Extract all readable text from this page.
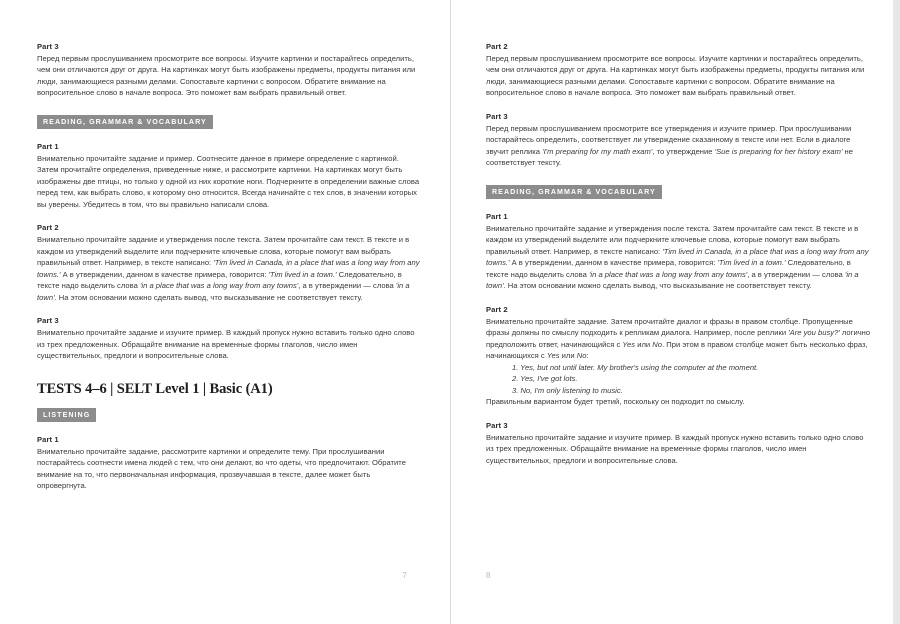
Part 3

Перед первым прослушиванием просмотрите все вопросы. Изучите картинки и постарайтесь определить, чем они отличаются друг от друга. На картинках могут быть изображены предметы, продукты питания или люди, занимающиеся разными делами. Сопоставьте картинки с вопросом. Обратите внимание на вопросительное слово в начале вопроса. Это поможет вам выбрать правильный ответ.

READING, GRAMMAR & VOCABULARY
Part 1

Внимательно прочитайте задание и пример. Соотнесите данное в примере определение с картинкой. Затем прочитайте определения, приведенные ниже, и рассмотрите картинки. На картинках могут быть изображены две птицы, но только у одной из них короткие ноги. Подчеркните в определении важные слова перед тем, как выбрать слово, к которому оно относится. Всегда начинайте с тех слов, в значении которых вы уверены. Убедитесь в том, что вы правильно написали слова.

Part 2

Внимательно прочитайте задание и утверждения после текста. Затем прочитайте сам текст. В тексте и в каждом из утверждений выделите или подчеркните ключевые слова, которые помогут вам выбрать правильный ответ. Например, в тексте написано: 'Tim lived in Canada, in a place that was a long way from any towns.' А в утверждении, данном в качестве примера, говорится: 'Tim lived in a town.' Следовательно, в тексте надо выделить слова 'in a place that was a long way from any towns', а в утверждении — слова 'in a town'. На этом основании можно сделать вывод, что высказывание не соответствует тексту.

Part 3

Внимательно прочитайте задание и изучите пример. В каждый пропуск нужно вставить только одно слово из трех предложенных. Обращайте внимание на временные формы глаголов, число имен существительных, предлоги и вопросительные слова.

TESTS 4–6 | SELT Level 1 | Basic (A1)
LISTENING
Part 1

Внимательно прочитайте задание, рассмотрите картинки и определите тему. При прослушивании постарайтесь соотнести имена людей с тем, что они делают, во что одеты, что предпочитают. Обратите внимание на то, что первоначальная информация, прозвучавшая в тексте, далее может быть опровергнута.

7
Part 2

Перед первым прослушиванием просмотрите все вопросы. Изучите картинки и постарайтесь определить, чем они отличаются друг от друга. На картинках могут быть изображены предметы, продукты питания или люди, занимающиеся разными делами. Сопоставьте картинки с вопросом. Обратите внимание на вопросительное слово в начале вопроса. Это поможет вам выбрать правильный ответ.

Part 3

Перед первым прослушиванием просмотрите все утверждения и изучите пример. При прослушивании постарайтесь определить, соответствует ли утверждение сказанному в тексте или нет. Если в диалоге звучит реплика 'I'm preparing for my math exam', то утверждение 'Sue is preparing for her history exam' не соответствует тексту.

READING, GRAMMAR & VOCABULARY
Part 1

Внимательно прочитайте задание и утверждения после текста. Затем прочитайте сам текст. В тексте и в каждом из утверждений выделите или подчеркните ключевые слова, которые помогут вам выбрать правильный ответ. Например, в тексте написано: 'Tim lived in Canada, in a place that was a long way from any towns.' А в утверждении, данном в качестве примера, говорится: 'Tim lived in a town.' Следовательно, в тексте надо выделить слова 'in a place that was a long way from any towns', а в утверждении — слова 'in a town'. На этом основании можно сделать вывод, что высказывание не соответствует тексту.

Part 2

Внимательно прочитайте задание. Затем прочитайте диалог и фразы в правом столбце. Пропущенные фразы должны по смыслу подходить к репликам диалога. Например, после реплики 'Are you busy?' логично предположить ответ, начинающийся с Yes или No. При этом в правом столбце может быть несколько фраз, начинающихся с Yes или No:

1. Yes, but not until later. My brother's using the computer at the moment.
2. Yes, I've got lots.
3. No, I'm only listening to music.

Правильным вариантом будет третий, поскольку он подходит по смыслу.

Part 3

Внимательно прочитайте задание и изучите пример. В каждый пропуск нужно вставить только одно слово из трех предложенных. Обращайте внимание на временные формы глаголов, число имен существительных, предлоги и вопросительные слова.

8
